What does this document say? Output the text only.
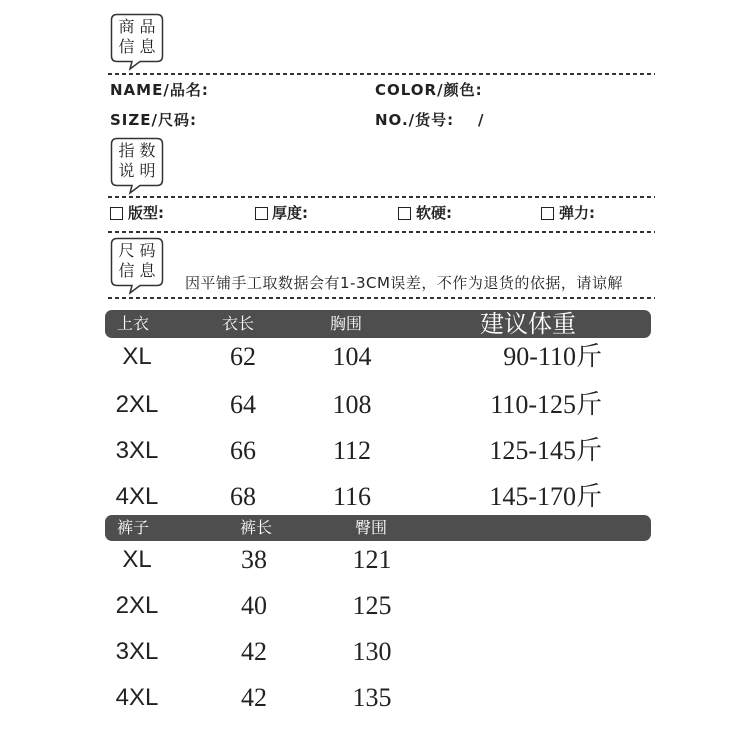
商品
信息
NAME/品名:	COLOR/颜色:
SIZE/尺码:	NO./货号: /
指数
说明
版型:	厚度:	软硬:	弹力:
尺码
信息
因平铺手工取数据会有1-3CM误差，不作为退货的依据，请谅解
上衣	衣长	胸围	建议体重
XL	62	104	90-110斤
2XL	64	108	110-125斤
3XL	66	112	125-145斤
4XL	68	116	145-170斤
裤子	裤长	臀围
XL	38	121
2XL	40	125
3XL	42	130
4XL	42	135
